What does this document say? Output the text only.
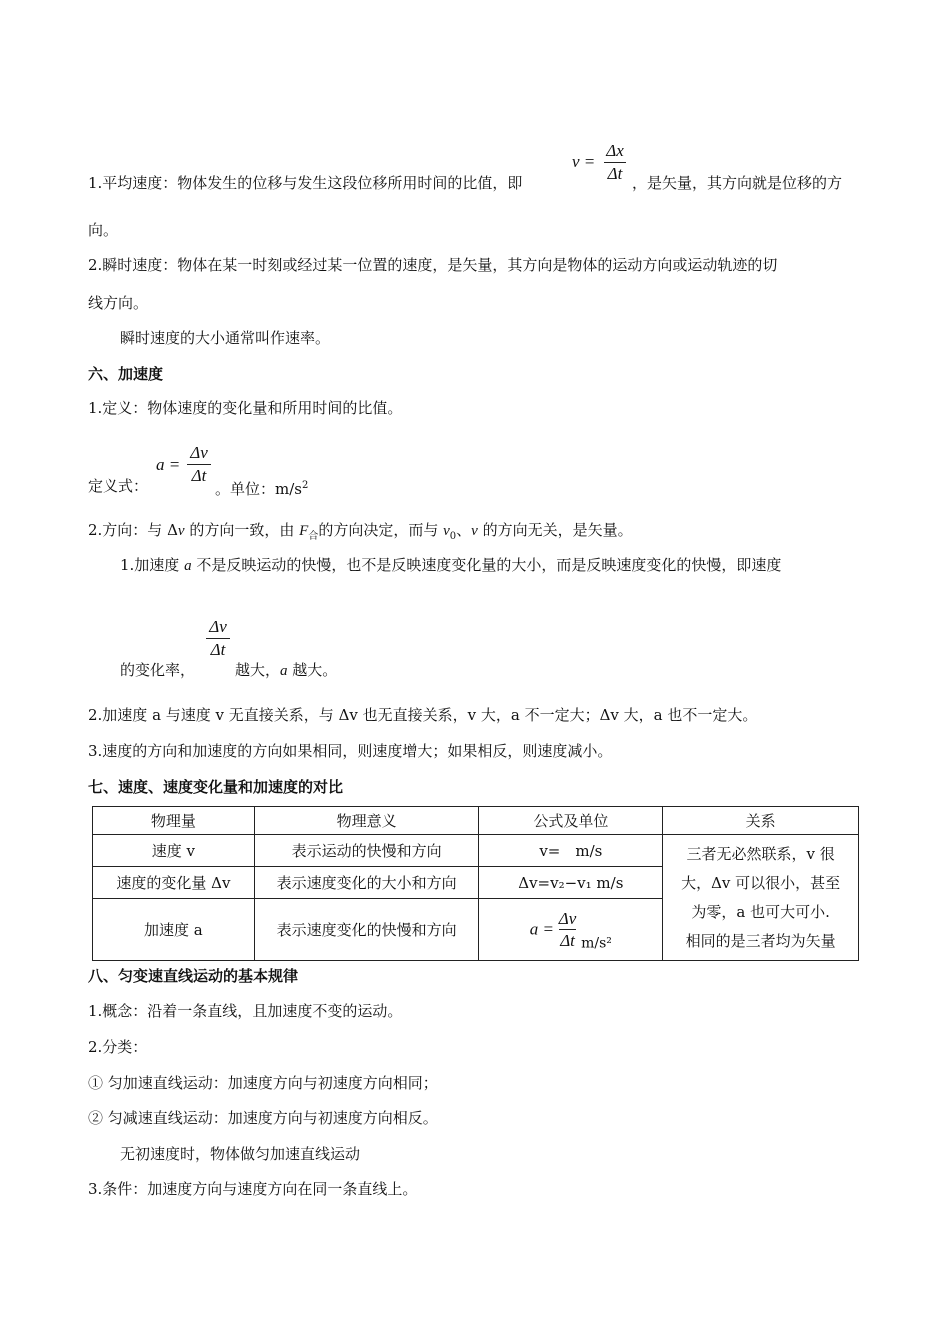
1.平均速度：物体发生的位移与发生这段位移所用时间的比值，即
v =
Δx
Δt ，是矢量，其方向就是位移的方
向。
2.瞬时速度：物体在某一时刻或经过某一位置的速度，是矢量，其方向是物体的运动方向或运动轨迹的切
线方向。
瞬时速度的大小通常叫作速率。
六、加速度
1.定义：物体速度的变化量和所用时间的比值。
定义式：
a =
Δv
Δt
。单位：$m/s^2$
2.方向：与 Δv 的方向一致，由 $F_合$的方向决定，而与 $v_0$、v 的方向无关，是矢量。
1.加速度 a 不是反映运动的快慢，也不是反映速度变化量的大小，而是反映速度变化的快慢，即速度
的变化率，
Δv
Δt
越大，a 越大。
2.加速度 a 与速度 v 无直接关系，与 Δv 也无直接关系，v 大，a 不一定大；Δv 大，a 也不一定大。
3.速度的方向和加速度的方向如果相同，则速度增大；如果相反，则速度减小。
七、速度、速度变化量和加速度的对比
物理量	物理意义	公式及单位	关系
速度 v	表示运动的快慢和方向	v=　m/s	三者无必然联系，v 很
大，Δv 可以很小，甚至
为零，a 也可大可小.
相同的是三者均为矢量

速度的变化量 Δv	表示速度变化的大小和方向	Δv=v₂−v₁ m/s	
加速度 a	表示速度变化的快慢和方向	$a = \frac{\Delta v}{\Delta t} m/s^2$	
八、匀变速直线运动的基本规律
1.概念：沿着一条直线，且加速度不变的运动。
2.分类：
① 匀加速直线运动：加速度方向与初速度方向相同；
② 匀减速直线运动：加速度方向与初速度方向相反。
无初速度时，物体做匀加速直线运动
3.条件：加速度方向与速度方向在同一条直线上。
